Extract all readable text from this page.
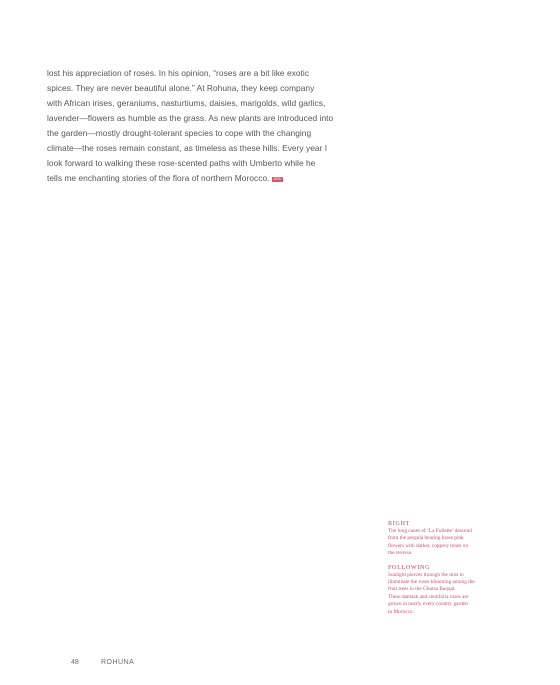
lost his appreciation of roses. In his opinion, “roses are a bit like exotic
spices. They are never beautiful alone.” At Rohuna, they keep company
with African irises, geraniums, nasturtiums, daisies, marigolds, wild garlics,
lavender—flowers as humble as the grass. As new plants are introduced into
the garden—mostly drought-tolerant species to cope with the changing
climate—the roses remain constant, as timeless as these hills. Every year I
look forward to walking these rose-scented paths with Umberto while he
tells me enchanting stories of the flora of northern Morocco. DRC

RIGHT

The long canes of ‘La Follette’ descend
from the pergola bearing loose pink
flowers with darker, coppery tones on
the reverse.

FOLLOWING

Sunlight pierces through the mist to
illuminate the roses blooming among the
fruit trees in the Gharsa Baqqal.
These damask and centifolia roses are
grown in nearly every country garden
in Morocco.

48	ROHUNA
